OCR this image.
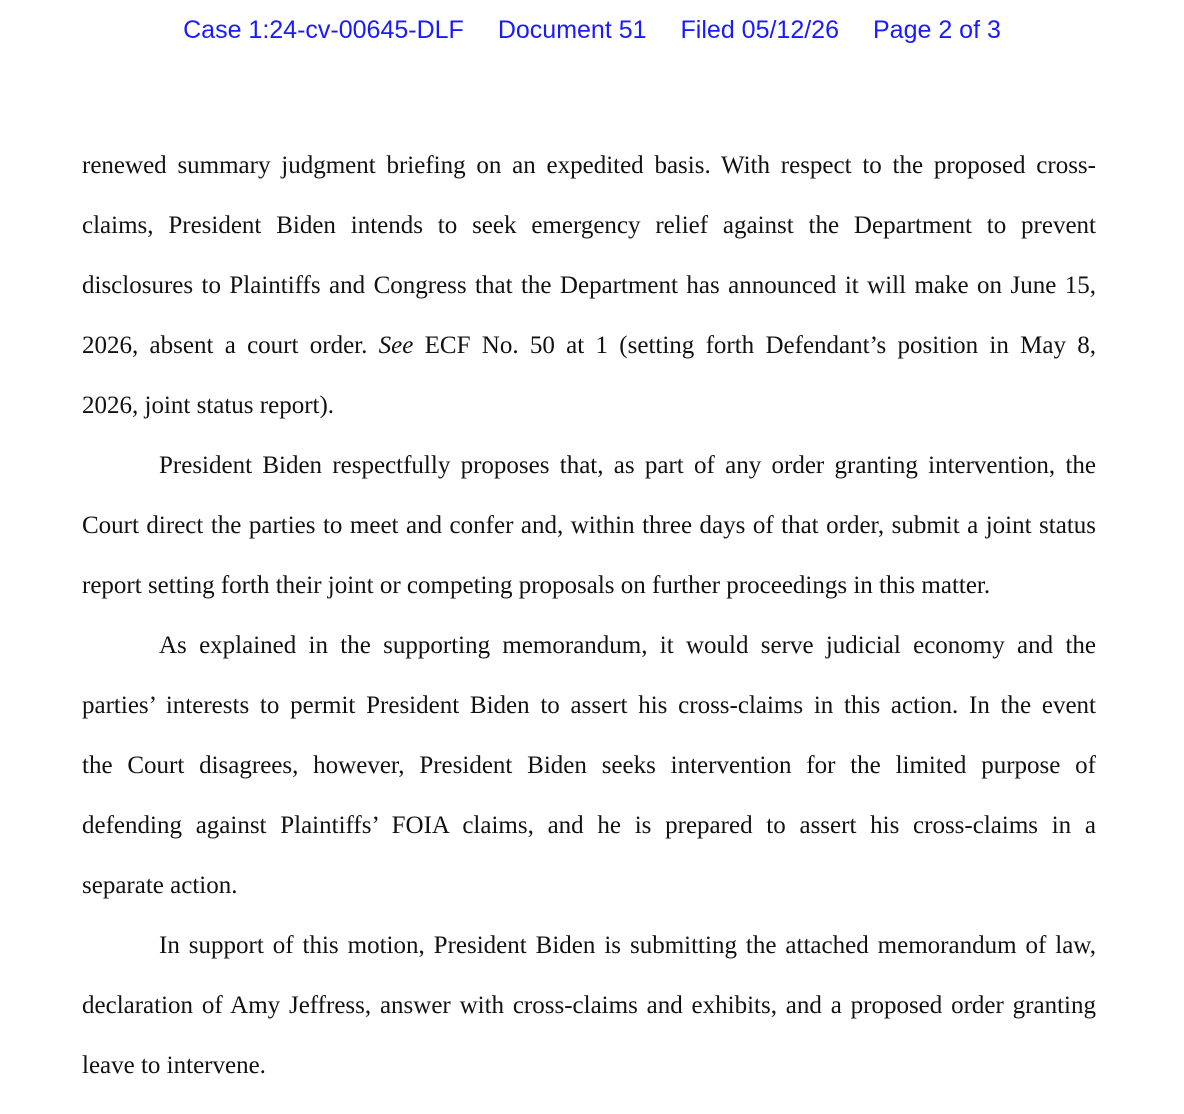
Case 1:24-cv-00645-DLF Document 51 Filed 05/12/26 Page 2 of 3
renewed summary judgment briefing on an expedited basis. With respect to the proposed cross-
claims, President Biden intends to seek emergency relief against the Department to prevent
disclosures to Plaintiffs and Congress that the Department has announced it will make on June 15,
2026, absent a court order. See ECF No. 50 at 1 (setting forth Defendant’s position in May 8,
2026, joint status report).
President Biden respectfully proposes that, as part of any order granting intervention, the
Court direct the parties to meet and confer and, within three days of that order, submit a joint status
report setting forth their joint or competing proposals on further proceedings in this matter.
As explained in the supporting memorandum, it would serve judicial economy and the
parties’ interests to permit President Biden to assert his cross-claims in this action. In the event
the Court disagrees, however, President Biden seeks intervention for the limited purpose of
defending against Plaintiffs’ FOIA claims, and he is prepared to assert his cross-claims in a
separate action.
In support of this motion, President Biden is submitting the attached memorandum of law,
declaration of Amy Jeffress, answer with cross-claims and exhibits, and a proposed order granting
leave to intervene.
